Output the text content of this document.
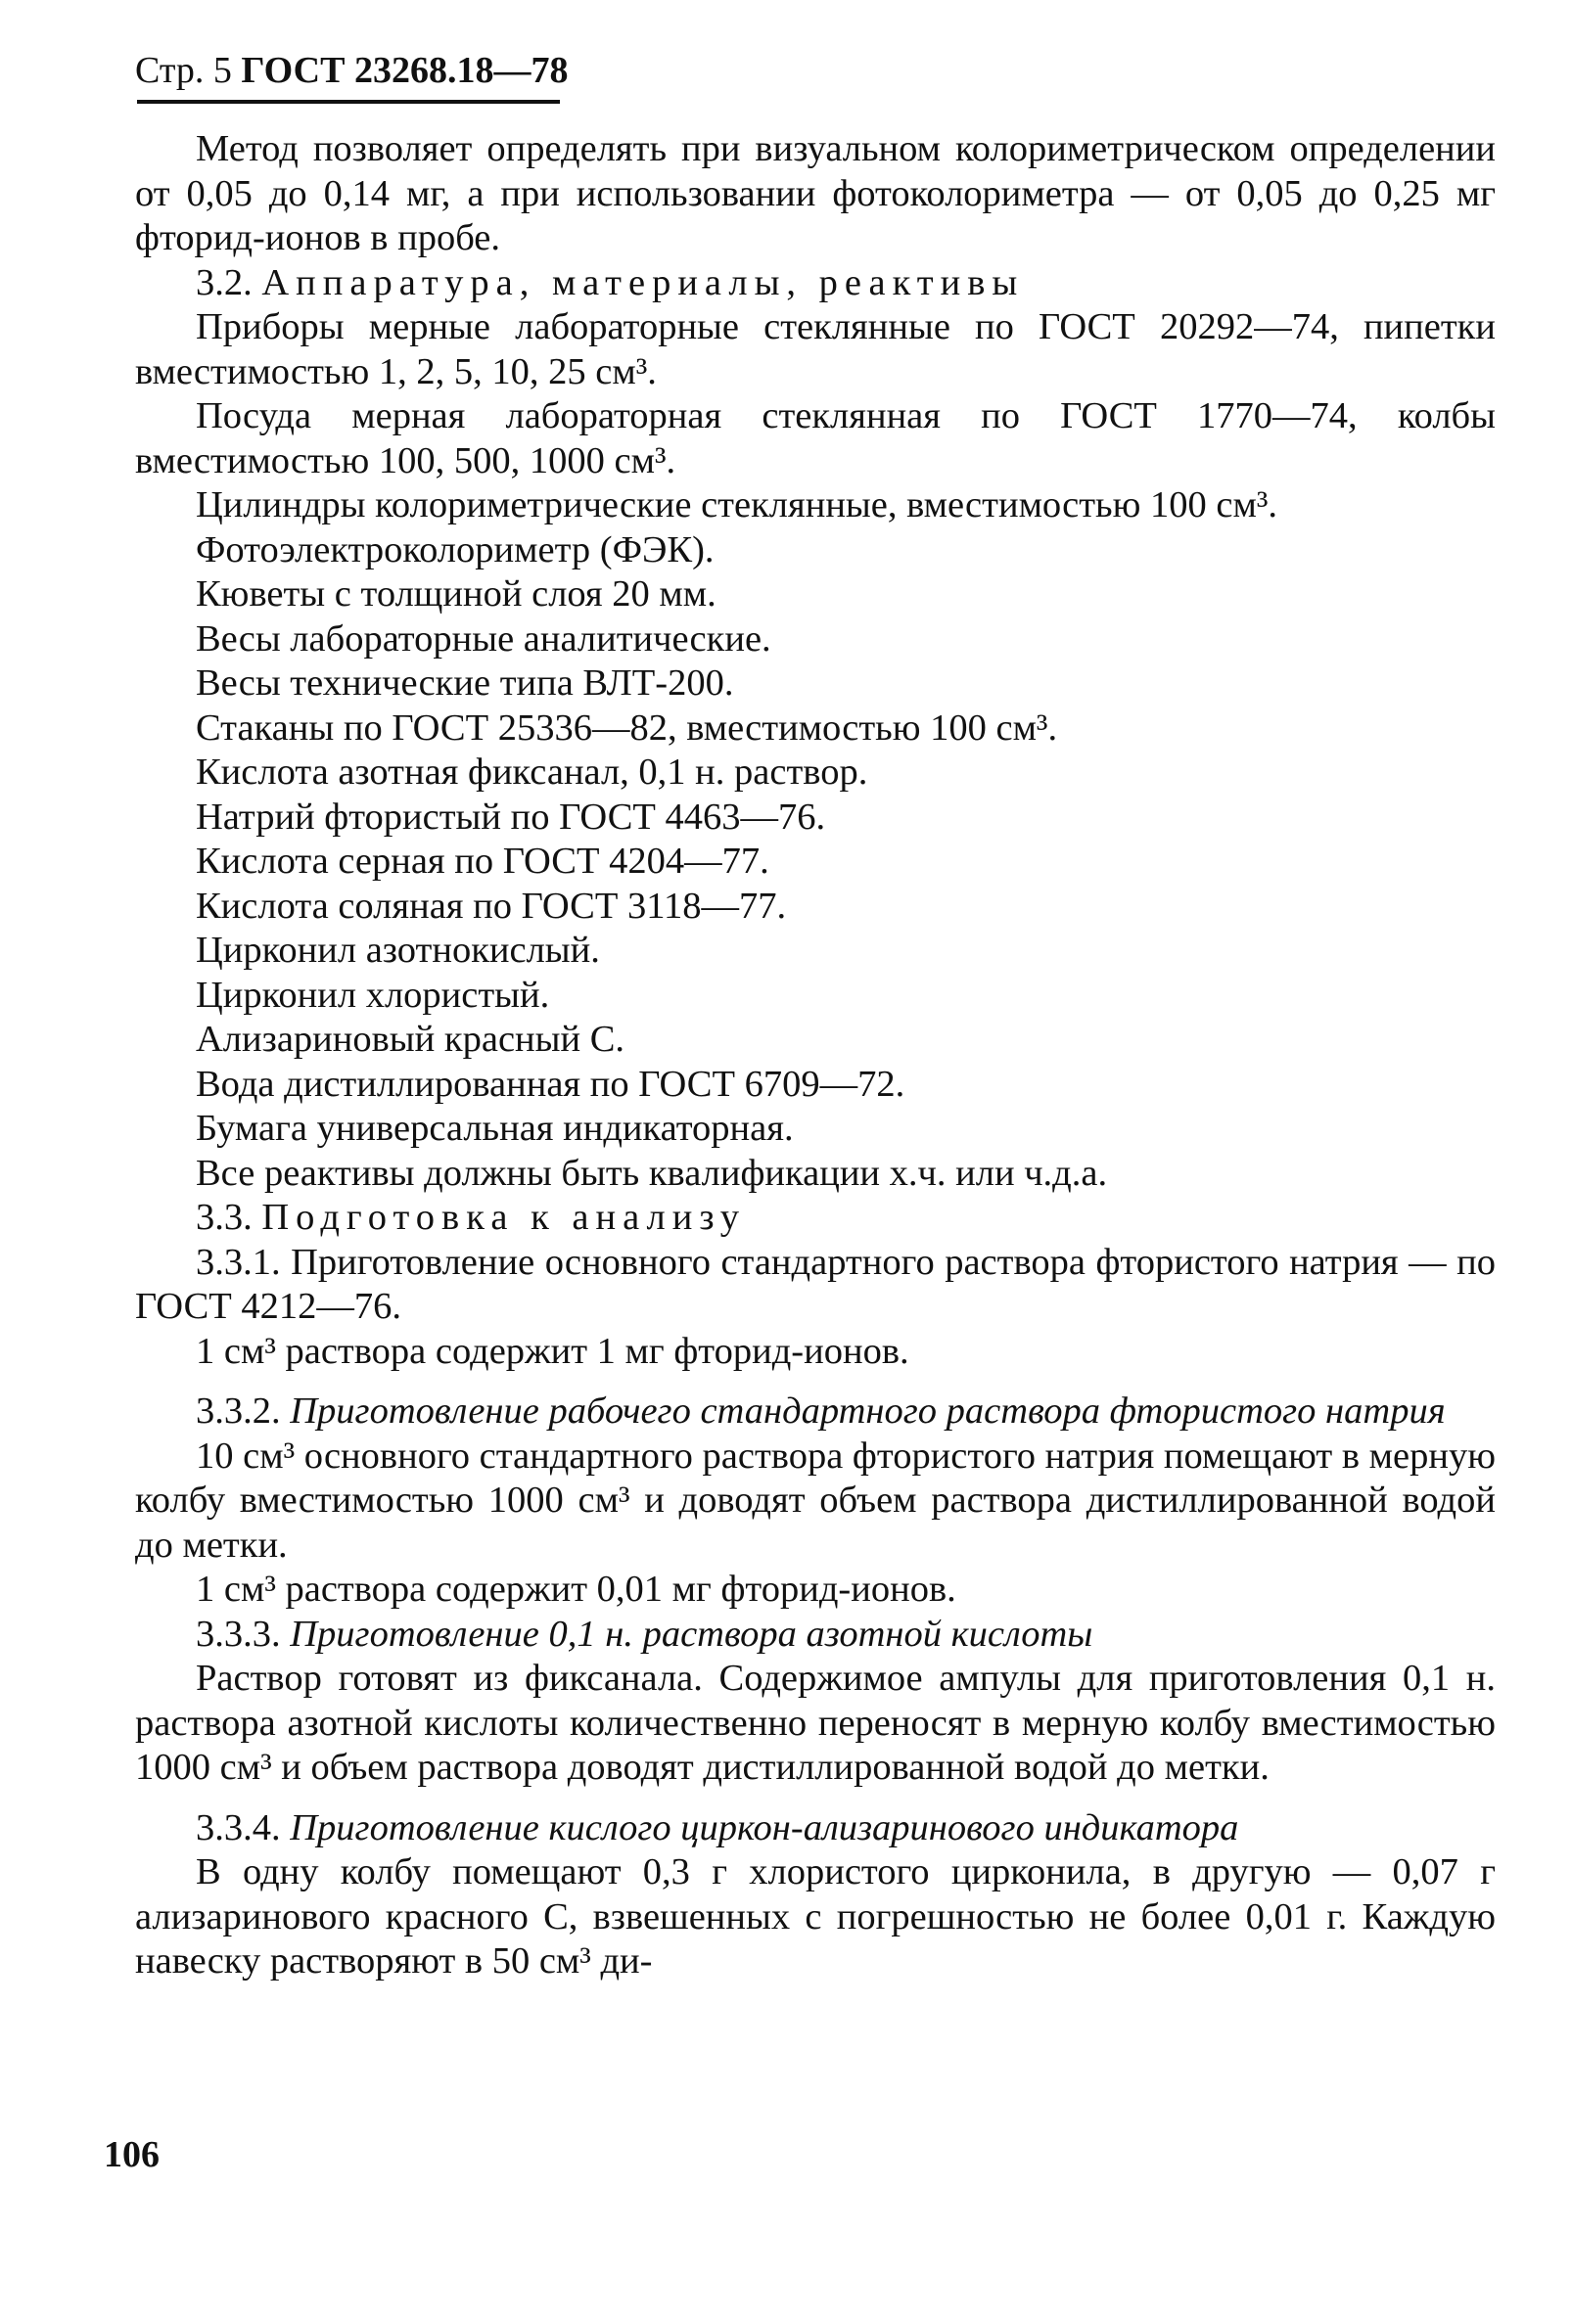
Стр. 5 ГОСТ 23268.18—78

Метод позволяет определять при визуальном колориметрическом определении от 0,05 до 0,14 мг, а при использовании фотоколориметра — от 0,05 до 0,25 мг фторид-ионов в пробе.

3.2. Аппаратура, материалы, реактивы

Приборы мерные лабораторные стеклянные по ГОСТ 20292—74, пипетки вместимостью 1, 2, 5, 10, 25 см³.

Посуда мерная лабораторная стеклянная по ГОСТ 1770—74, колбы вместимостью 100, 500, 1000 см³.

Цилиндры колориметрические стеклянные, вместимостью 100 см³.

Фотоэлектроколориметр (ФЭК).

Кюветы с толщиной слоя 20 мм.

Весы лабораторные аналитические.

Весы технические типа ВЛТ-200.

Стаканы по ГОСТ 25336—82, вместимостью 100 см³.

Кислота азотная фиксанал, 0,1 н. раствор.

Натрий фтористый по ГОСТ 4463—76.

Кислота серная по ГОСТ 4204—77.

Кислота соляная по ГОСТ 3118—77.

Цирконил азотнокислый.

Цирконил хлористый.

Ализариновый красный С.

Вода дистиллированная по ГОСТ 6709—72.

Бумага универсальная индикаторная.

Все реактивы должны быть квалификации х.ч. или ч.д.а.

3.3. Подготовка к анализу

3.3.1. Приготовление основного стандартного раствора фтористого натрия — по ГОСТ 4212—76.

1 см³ раствора содержит 1 мг фторид-ионов.

3.3.2. Приготовление рабочего стандартного раствора фтористого натрия

10 см³ основного стандартного раствора фтористого натрия помещают в мерную колбу вместимостью 1000 см³ и доводят объем раствора дистиллированной водой до метки.

1 см³ раствора содержит 0,01 мг фторид-ионов.

3.3.3. Приготовление 0,1 н. раствора азотной кислоты

Раствор готовят из фиксанала. Содержимое ампулы для приготовления 0,1 н. раствора азотной кислоты количественно переносят в мерную колбу вместимостью 1000 см³ и объем раствора доводят дистиллированной водой до метки.

3.3.4. Приготовление кислого циркон-ализаринового индикатора

В одну колбу помещают 0,3 г хлористого цирконила, в другую — 0,07 г ализаринового красного С, взвешенных с погрешностью не более 0,01 г. Каждую навеску растворяют в 50 см³ ди-

106
